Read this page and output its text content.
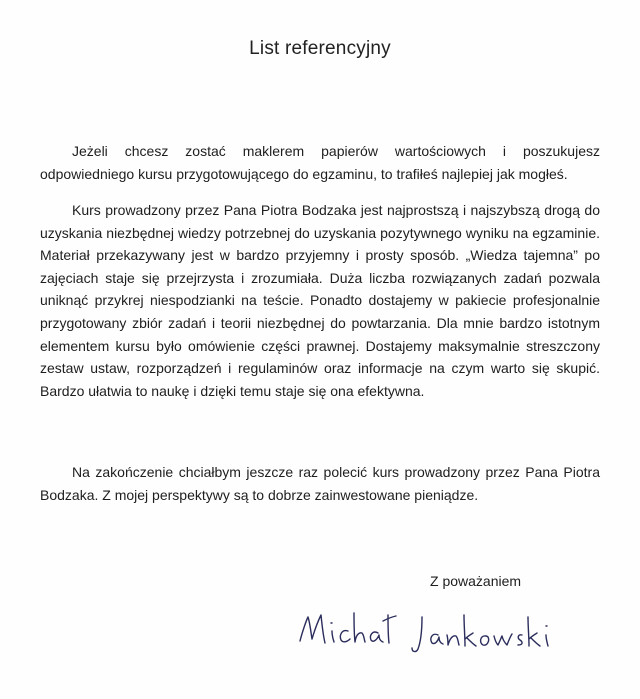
List referencyjny

Jeżeli chcesz zostać maklerem papierów wartościowych i poszukujesz odpowiedniego kursu przygotowującego do egzaminu, to trafiłeś najlepiej jak mogłeś.

Kurs prowadzony przez Pana Piotra Bodzaka jest najprostszą i najszybszą drogą do uzyskania niezbędnej wiedzy potrzebnej do uzyskania pozytywnego wyniku na egzaminie. Materiał przekazywany jest w bardzo przyjemny i prosty sposób. „Wiedza tajemna” po zajęciach staje się przejrzysta i zrozumiała. Duża liczba rozwiązanych zadań pozwala uniknąć przykrej niespodzianki na teście. Ponadto dostajemy w pakiecie profesjonalnie przygotowany zbiór zadań i teorii niezbędnej do powtarzania. Dla mnie bardzo istotnym elementem kursu było omówienie części prawnej. Dostajemy maksymalnie streszczony zestaw ustaw, rozporządzeń i regulaminów oraz informacje na czym warto się skupić. Bardzo ułatwia to naukę i dzięki temu staje się ona efektywna.

Na zakończenie chciałbym jeszcze raz polecić kurs prowadzony przez Pana Piotra Bodzaka. Z mojej perspektywy są to dobrze zainwestowane pieniądze.

Z poważaniem
